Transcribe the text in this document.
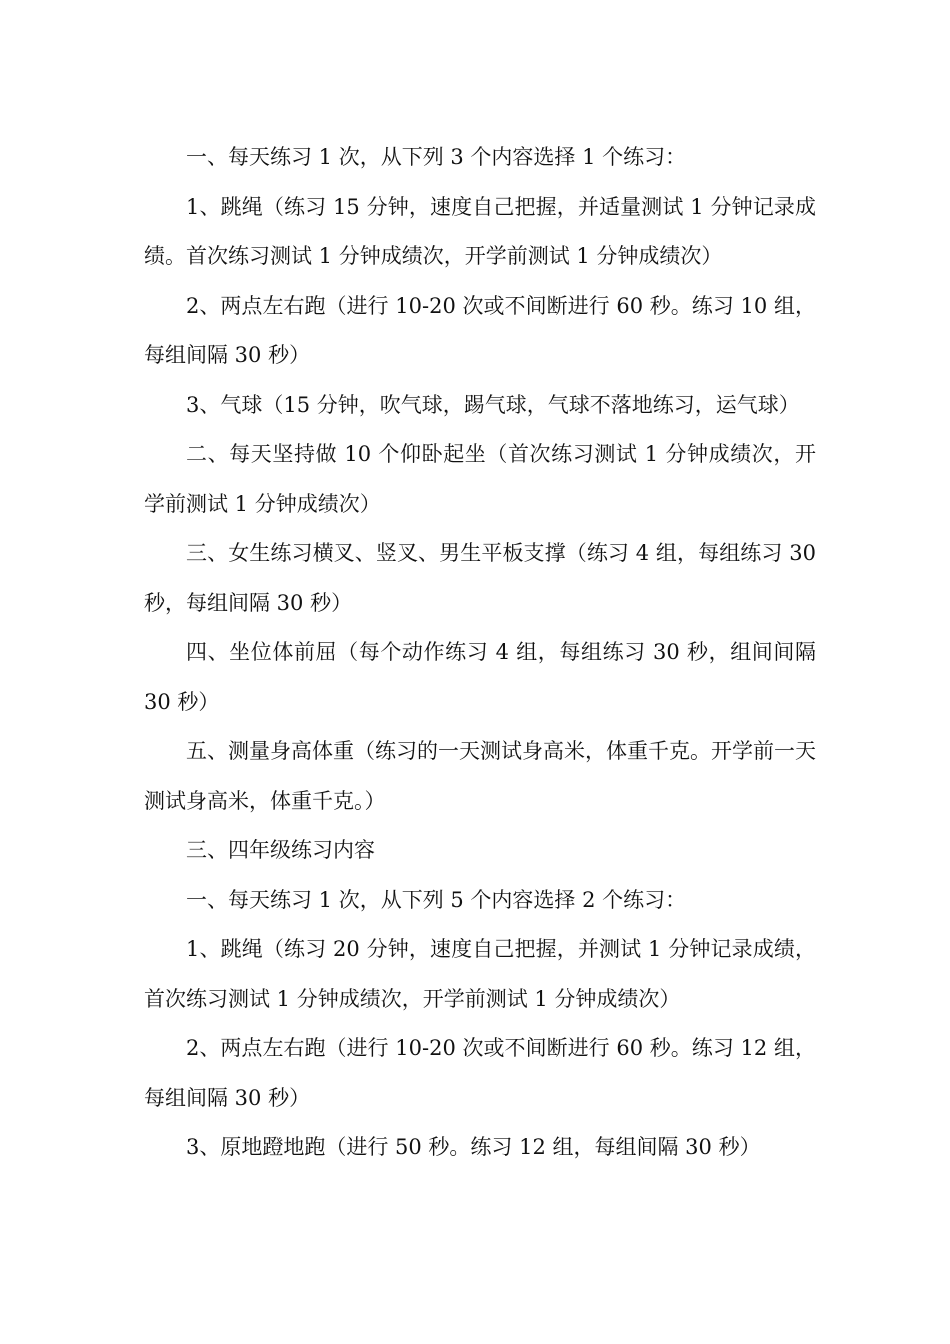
一、每天练习 1 次，从下列 3 个内容选择 1 个练习：

1、跳绳（练习 15 分钟，速度自己把握，并适量测试 1 分钟记录成绩。首次练习测试 1 分钟成绩次，开学前测试 1 分钟成绩次）

2、两点左右跑（进行 10-20 次或不间断进行 60 秒。练习 10 组，每组间隔 30 秒）

3、气球（15 分钟，吹气球，踢气球，气球不落地练习，运气球）

二、每天坚持做 10 个仰卧起坐（首次练习测试 1 分钟成绩次，开学前测试 1 分钟成绩次）

三、女生练习横叉、竖叉、男生平板支撑（练习 4 组，每组练习 30 秒，每组间隔 30 秒）

四、坐位体前屈（每个动作练习 4 组，每组练习 30 秒，组间间隔 30 秒）

五、测量身高体重（练习的一天测试身高米，体重千克。开学前一天测试身高米，体重千克。）

三、四年级练习内容

一、每天练习 1 次，从下列 5 个内容选择 2 个练习：

1、跳绳（练习 20 分钟，速度自己把握，并测试 1 分钟记录成绩，首次练习测试 1 分钟成绩次，开学前测试 1 分钟成绩次）

2、两点左右跑（进行 10-20 次或不间断进行 60 秒。练习 12 组，每组间隔 30 秒）

3、原地蹬地跑（进行 50 秒。练习 12 组，每组间隔 30 秒）
